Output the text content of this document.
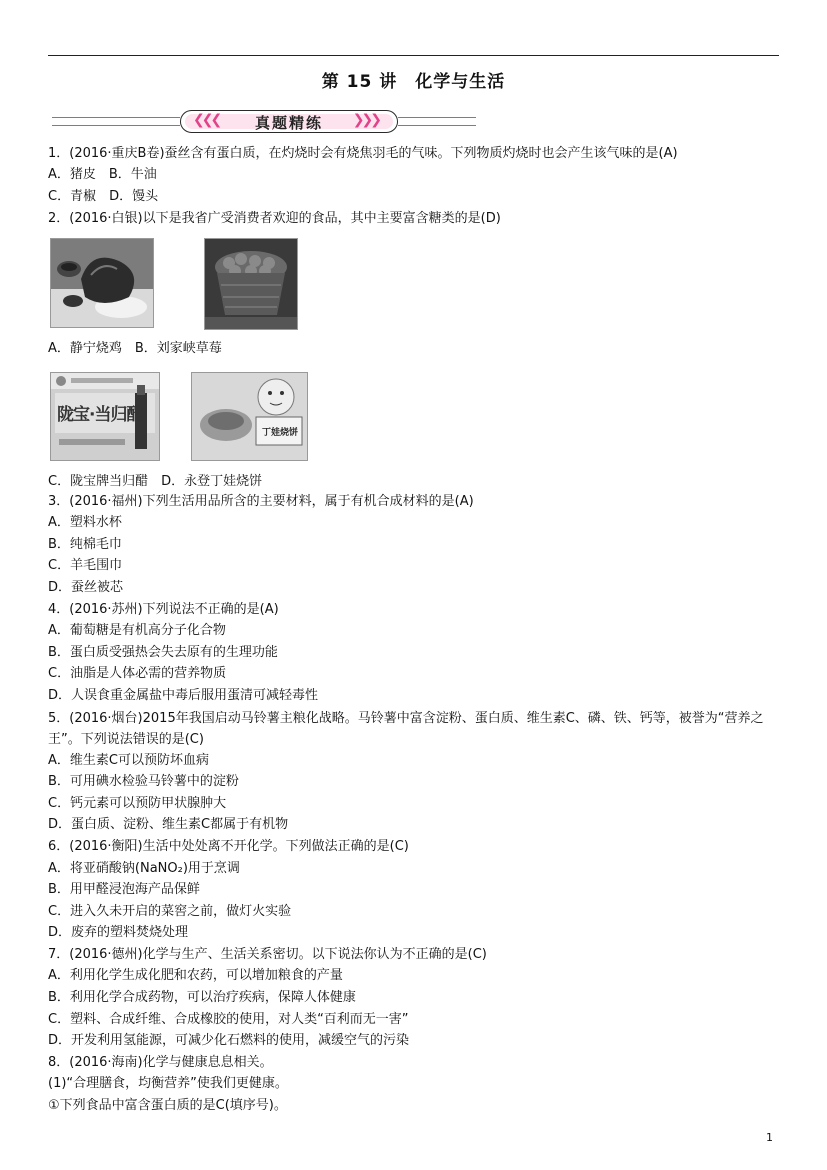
第 15 讲　化学与生活
❮❮❮	真题精练	❯❯❯
1．(2016·重庆B卷)蚕丝含有蛋白质，在灼烧时会有烧焦羽毛的气味。下列物质灼烧时也会产生该气味的是(A)
A．猪皮　B．牛油
C．青椒　D．馒头
2．(2016·白银)以下是我省广受消费者欢迎的食品，其中主要富含糖类的是(D)
A．静宁烧鸡　B．刘家峡草莓
陇宝·当归醋
丁娃烧饼
C．陇宝牌当归醋　D．永登丁娃烧饼
3．(2016·福州)下列生活用品所含的主要材料，属于有机合成材料的是(A)
A．塑料水杯
B．纯棉毛巾
C．羊毛围巾
D．蚕丝被芯
4．(2016·苏州)下列说法不正确的是(A)
A．葡萄糖是有机高分子化合物
B．蛋白质受强热会失去原有的生理功能
C．油脂是人体必需的营养物质
D．人误食重金属盐中毒后服用蛋清可减轻毒性
5．(2016·烟台)2015年我国启动马铃薯主粮化战略。马铃薯中富含淀粉、蛋白质、维生素C、磷、铁、钙等，被誉为“营养之王”。下列说法错误的是(C)
A．维生素C可以预防坏血病
B．可用碘水检验马铃薯中的淀粉
C．钙元素可以预防甲状腺肿大
D．蛋白质、淀粉、维生素C都属于有机物
6．(2016·衡阳)生活中处处离不开化学。下列做法正确的是(C)
A．将亚硝酸钠(NaNO₂)用于烹调
B．用甲醛浸泡海产品保鲜
C．进入久未开启的菜窖之前，做灯火实验
D．废弃的塑料焚烧处理
7．(2016·德州)化学与生产、生活关系密切。以下说法你认为不正确的是(C)
A．利用化学生成化肥和农药，可以增加粮食的产量
B．利用化学合成药物，可以治疗疾病，保障人体健康
C．塑料、合成纤维、合成橡胶的使用，对人类“百利而无一害”
D．开发利用氢能源，可减少化石燃料的使用，减缓空气的污染
8．(2016·海南)化学与健康息息相关。
(1)“合理膳食，均衡营养”使我们更健康。
①下列食品中富含蛋白质的是C(填序号)。
1
